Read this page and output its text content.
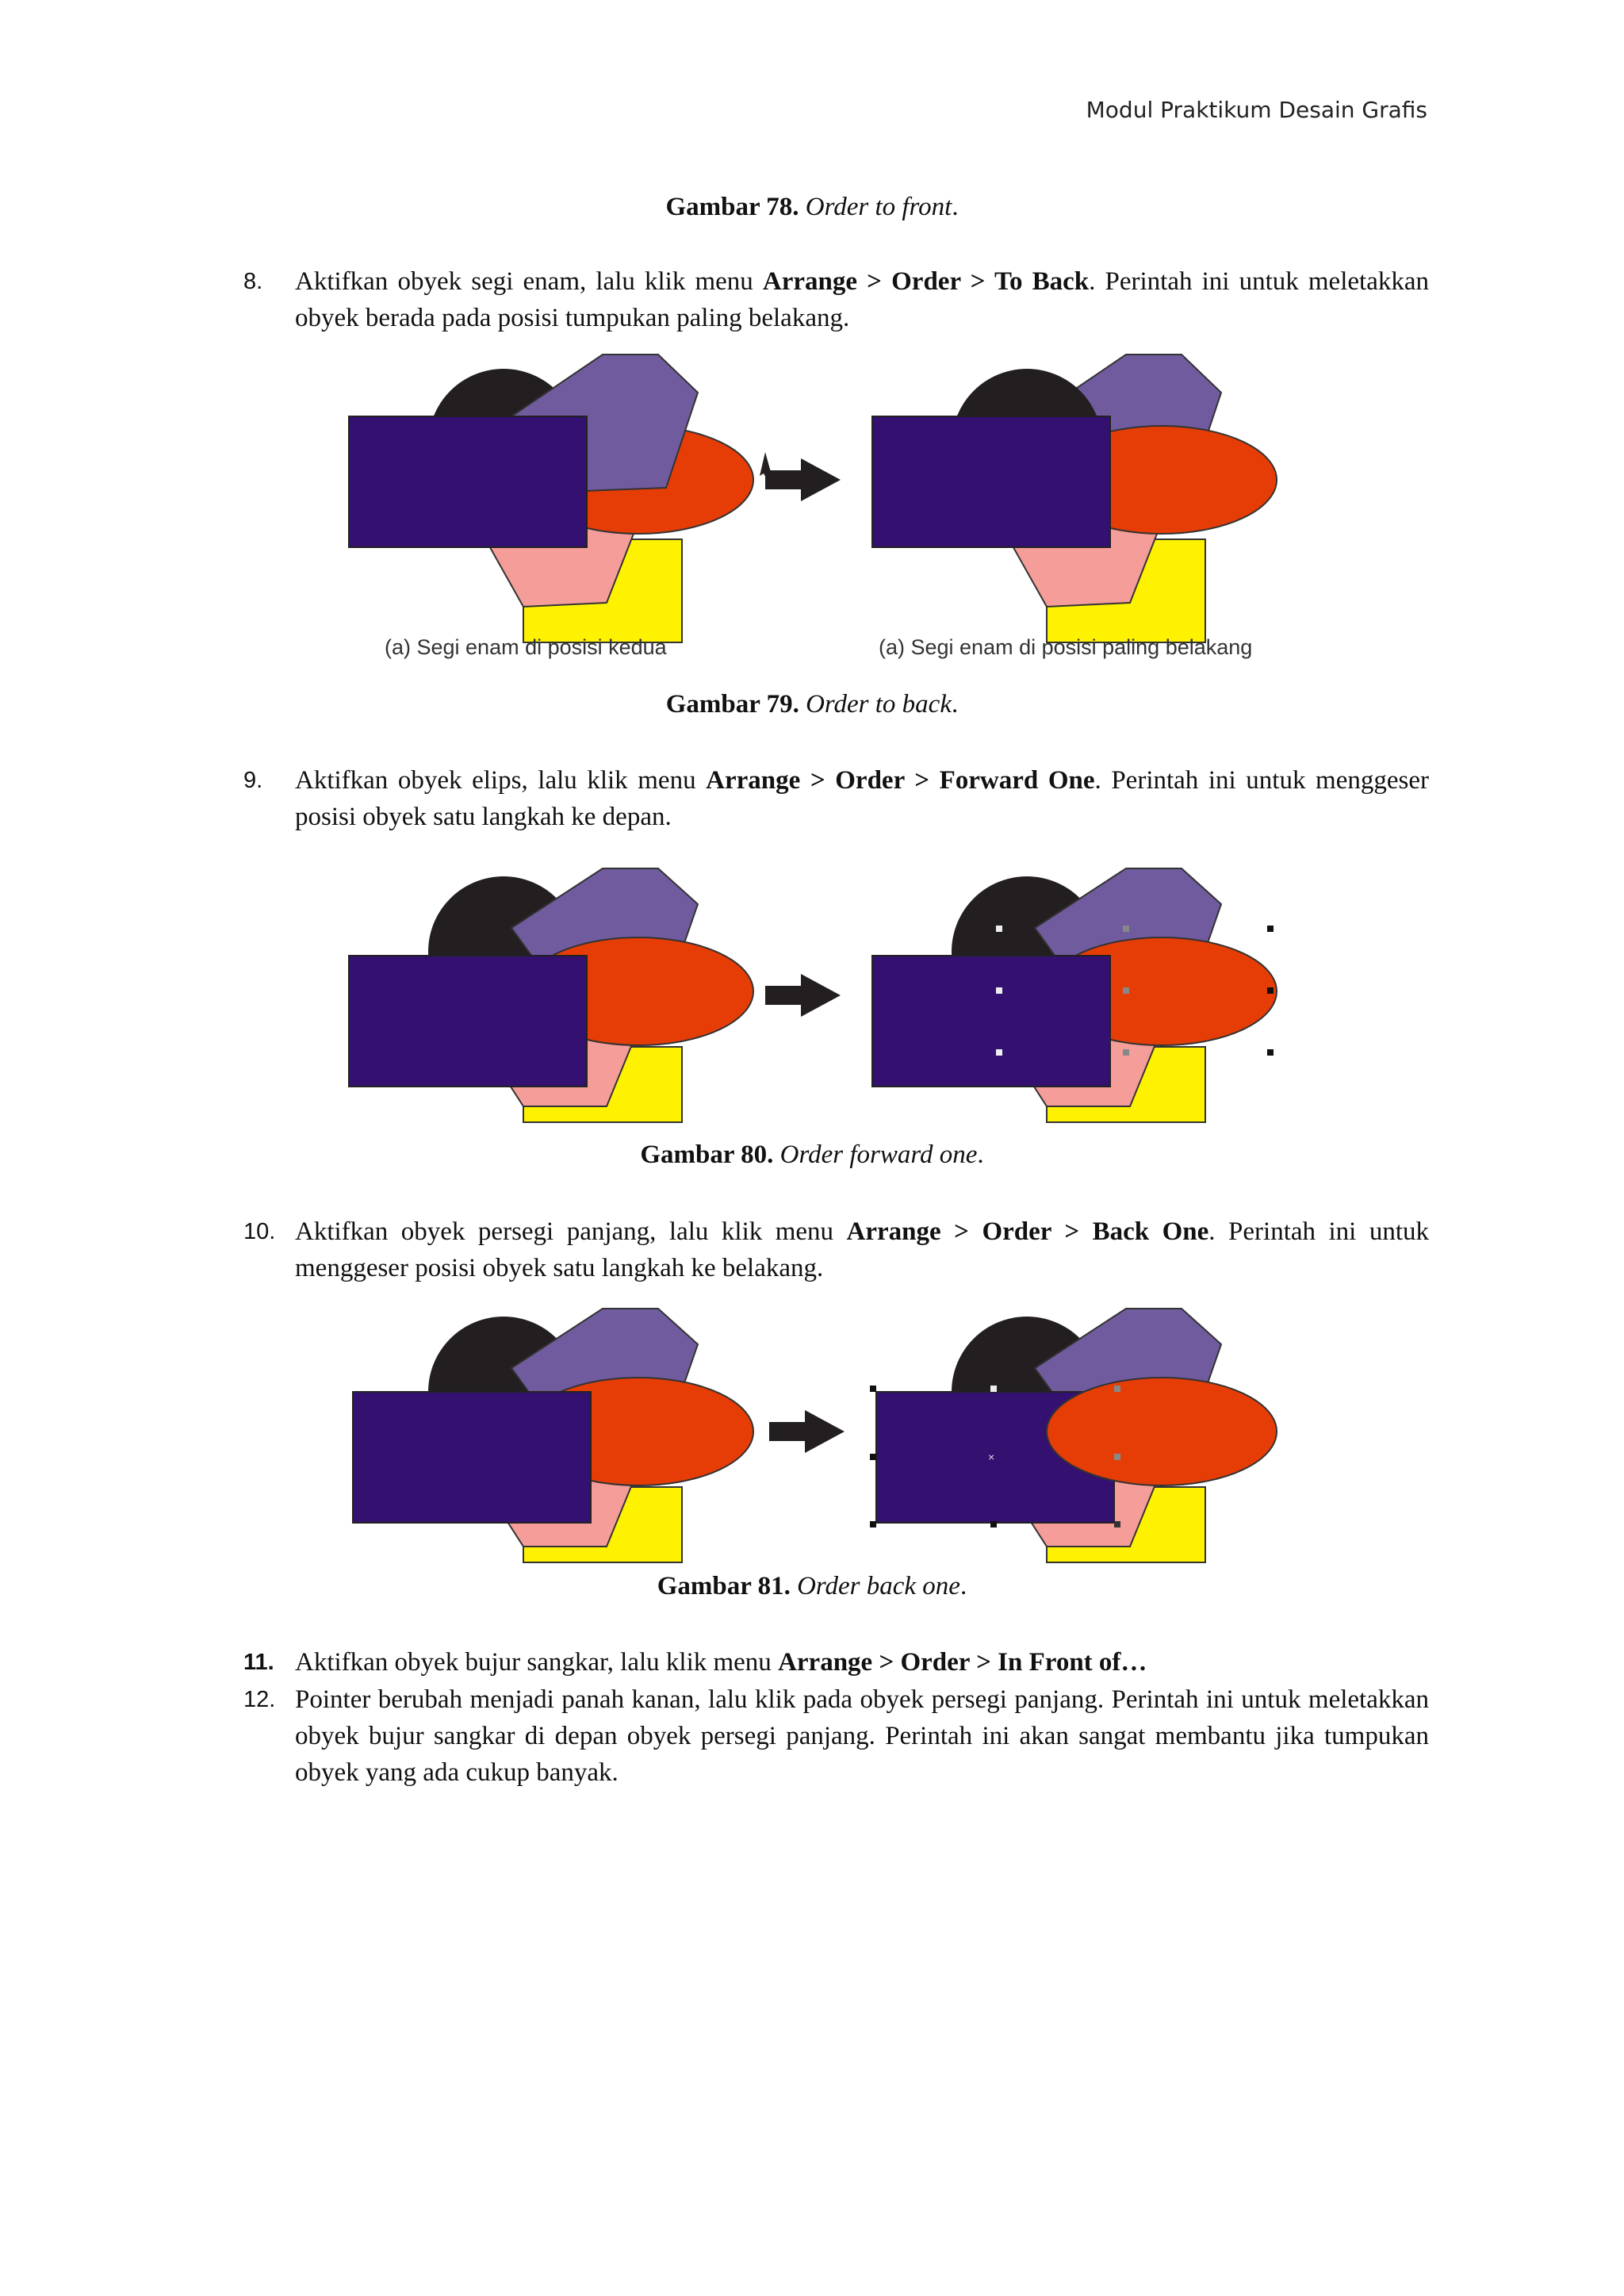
Modul Praktikum Desain Grafis
Gambar 78. Order to front.
8. Aktifkan obyek segi enam, lalu klik menu Arrange > Order > To Back. Perintah ini untuk meletakkan obyek berada pada posisi tumpukan paling belakang.
(a) Segi enam di posisi kedua	(a) Segi enam di posisi paling belakang
Gambar 79. Order to back.
9. Aktifkan obyek elips, lalu klik menu Arrange > Order > Forward One. Perintah ini untuk menggeser posisi obyek satu langkah ke depan.
Gambar 80. Order forward one.
10. Aktifkan obyek persegi panjang, lalu klik menu Arrange > Order > Back One. Perintah ini untuk menggeser posisi obyek satu langkah ke belakang.
×
Gambar 81. Order back one.
11. Aktifkan obyek bujur sangkar, lalu klik menu Arrange > Order > In Front of…
12. Pointer berubah menjadi panah kanan, lalu klik pada obyek persegi panjang. Perintah ini untuk meletakkan obyek bujur sangkar di depan obyek persegi panjang. Perintah ini akan sangat membantu jika tumpukan obyek yang ada cukup banyak.
